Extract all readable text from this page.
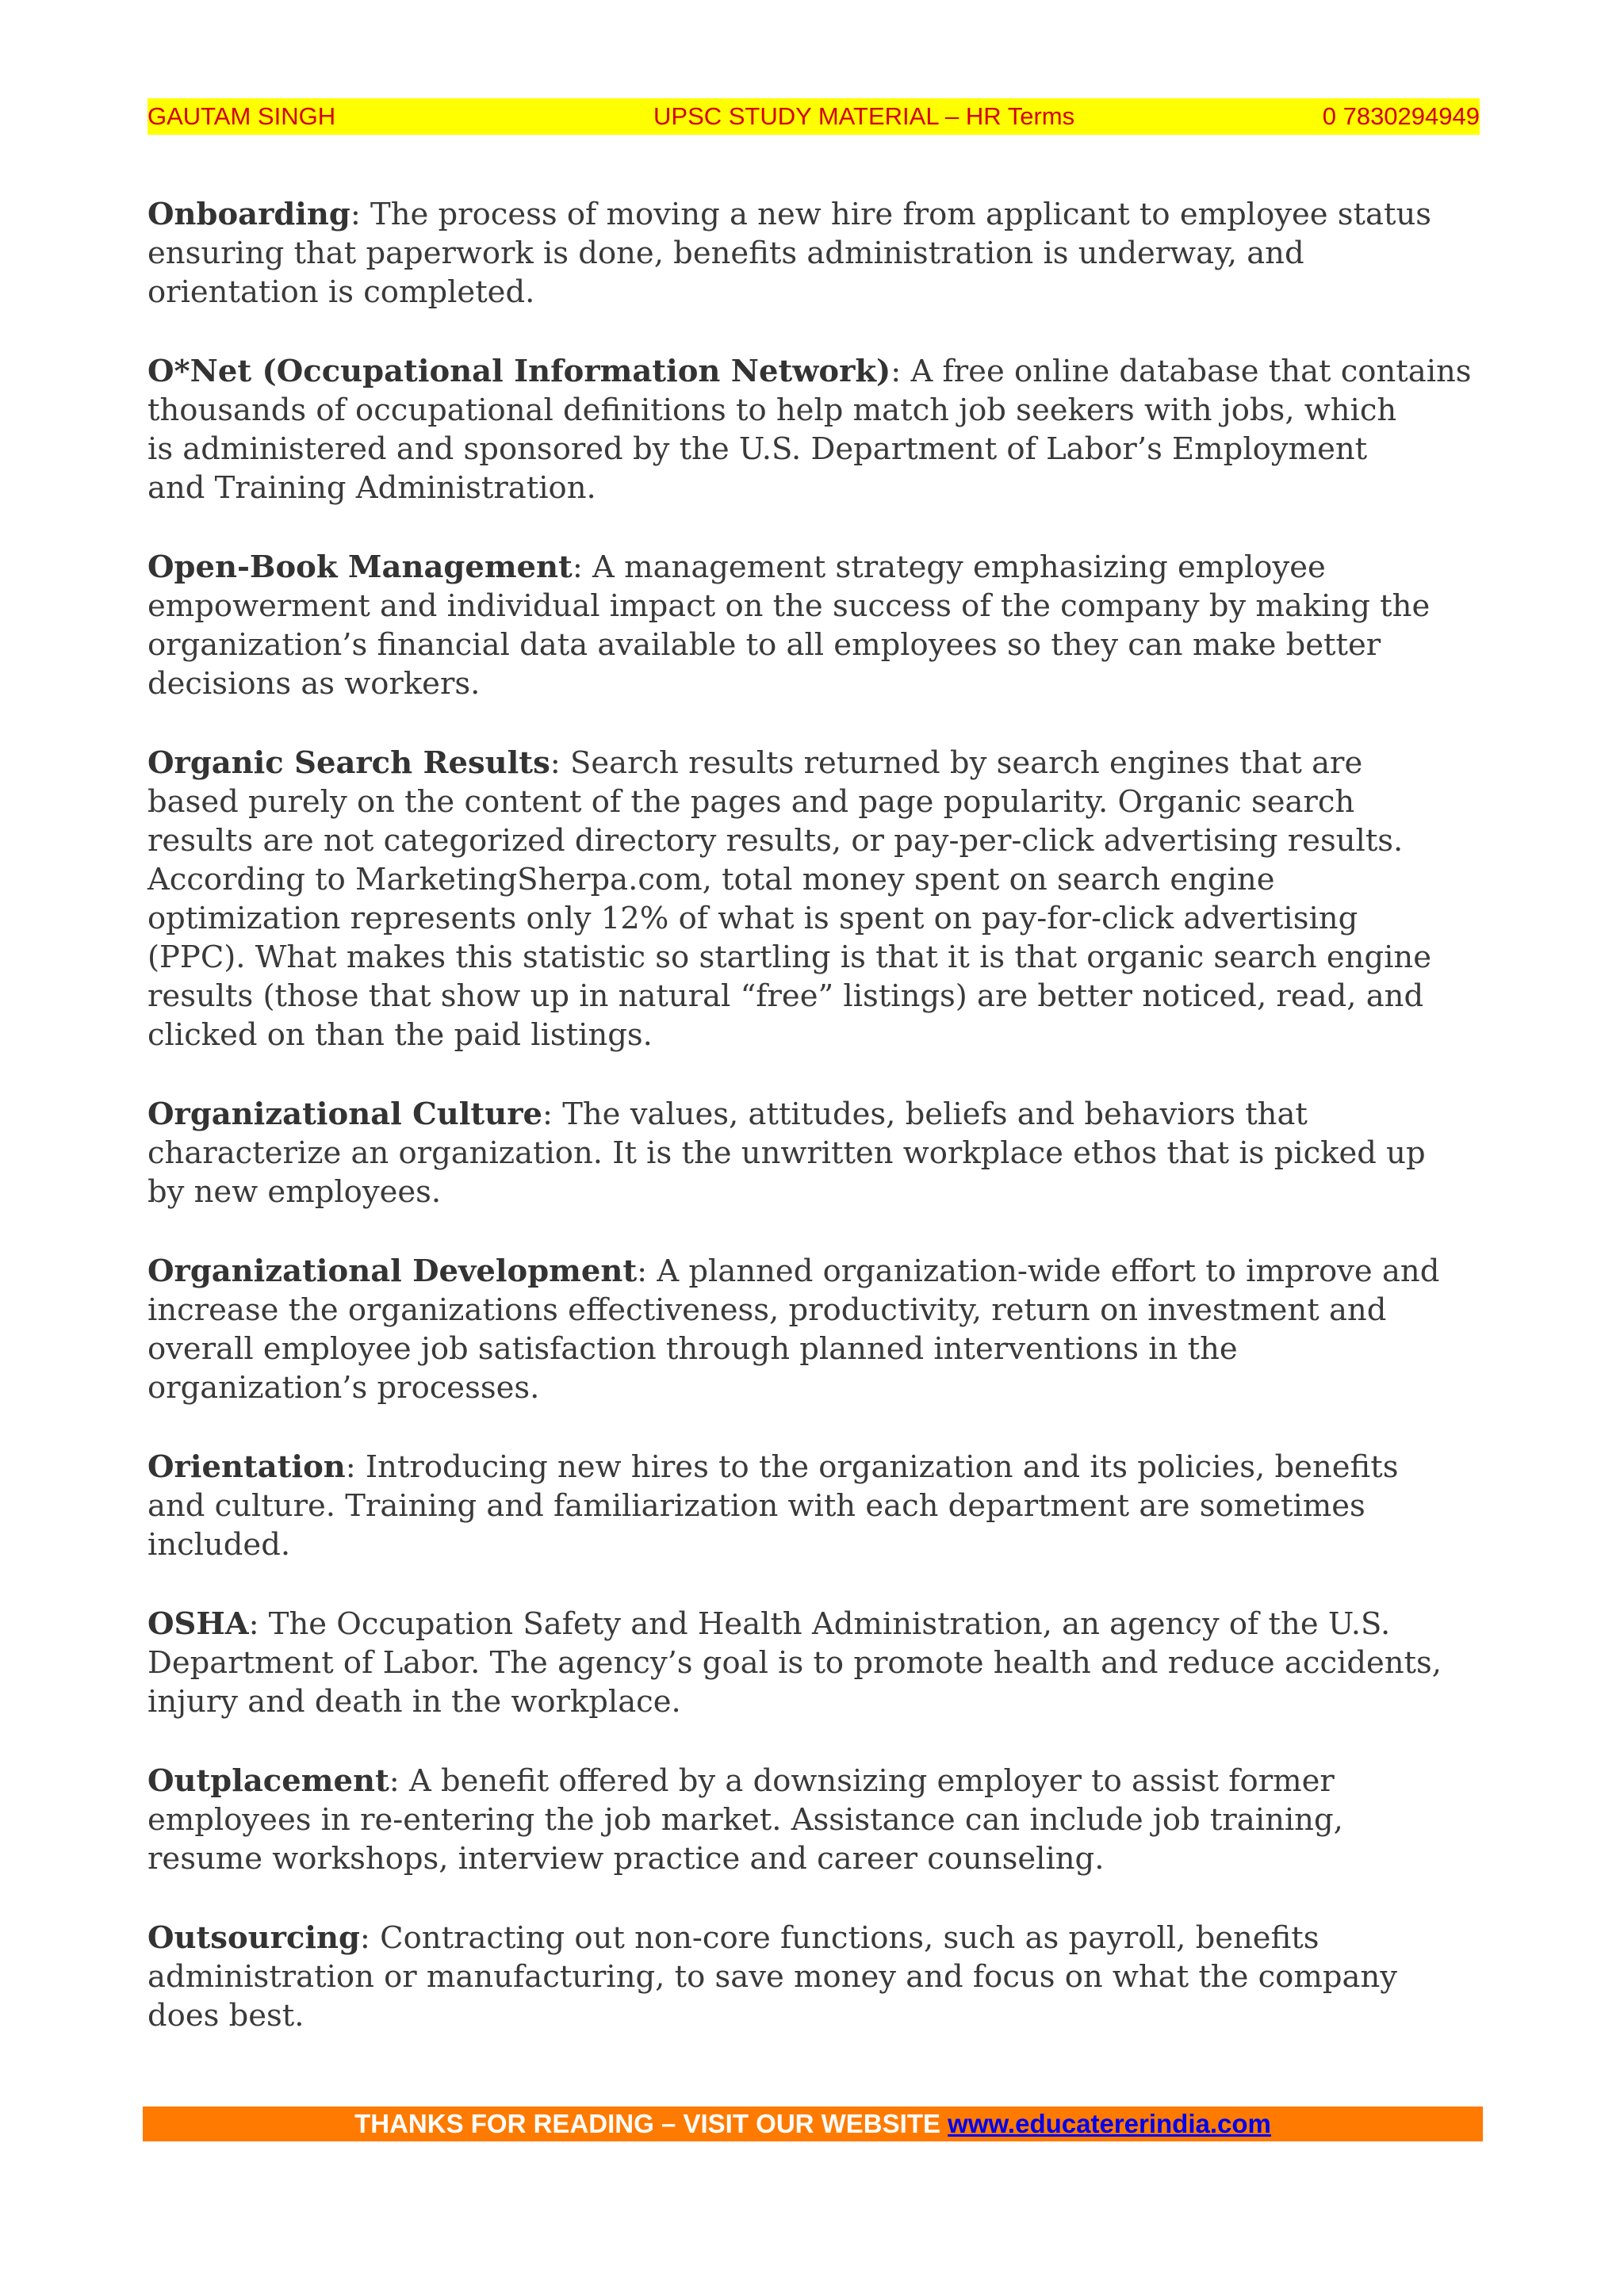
GAUTAM SINGH	UPSC STUDY MATERIAL – HR Terms	0 7830294949

Onboarding: The process of moving a new hire from applicant to employee status
ensuring that paperwork is done, benefits administration is underway, and
orientation is completed.

O*Net (Occupational Information Network): A free online database that contains
thousands of occupational definitions to help match job seekers with jobs, which
is administered and sponsored by the U.S. Department of Labor’s Employment
and Training Administration.

Open-Book Management: A management strategy emphasizing employee
empowerment and individual impact on the success of the company by making the
organization’s financial data available to all employees so they can make better
decisions as workers.

Organic Search Results: Search results returned by search engines that are
based purely on the content of the pages and page popularity. Organic search
results are not categorized directory results, or pay-per-click advertising results.
According to MarketingSherpa.com, total money spent on search engine
optimization represents only 12% of what is spent on pay-for-click advertising
(PPC). What makes this statistic so startling is that it is that organic search engine
results (those that show up in natural “free” listings) are better noticed, read, and
clicked on than the paid listings.

Organizational Culture: The values, attitudes, beliefs and behaviors that
characterize an organization. It is the unwritten workplace ethos that is picked up
by new employees.

Organizational Development: A planned organization-wide effort to improve and
increase the organizations effectiveness, productivity, return on investment and
overall employee job satisfaction through planned interventions in the
organization’s processes.

Orientation: Introducing new hires to the organization and its policies, benefits
and culture. Training and familiarization with each department are sometimes
included.

OSHA: The Occupation Safety and Health Administration, an agency of the U.S.
Department of Labor. The agency’s goal is to promote health and reduce accidents,
injury and death in the workplace.

Outplacement: A benefit offered by a downsizing employer to assist former
employees in re-entering the job market. Assistance can include job training,
resume workshops, interview practice and career counseling.

Outsourcing: Contracting out non-core functions, such as payroll, benefits
administration or manufacturing, to save money and focus on what the company
does best.

THANKS FOR READING – VISIT OUR WEBSITE www.educatererindia.com
